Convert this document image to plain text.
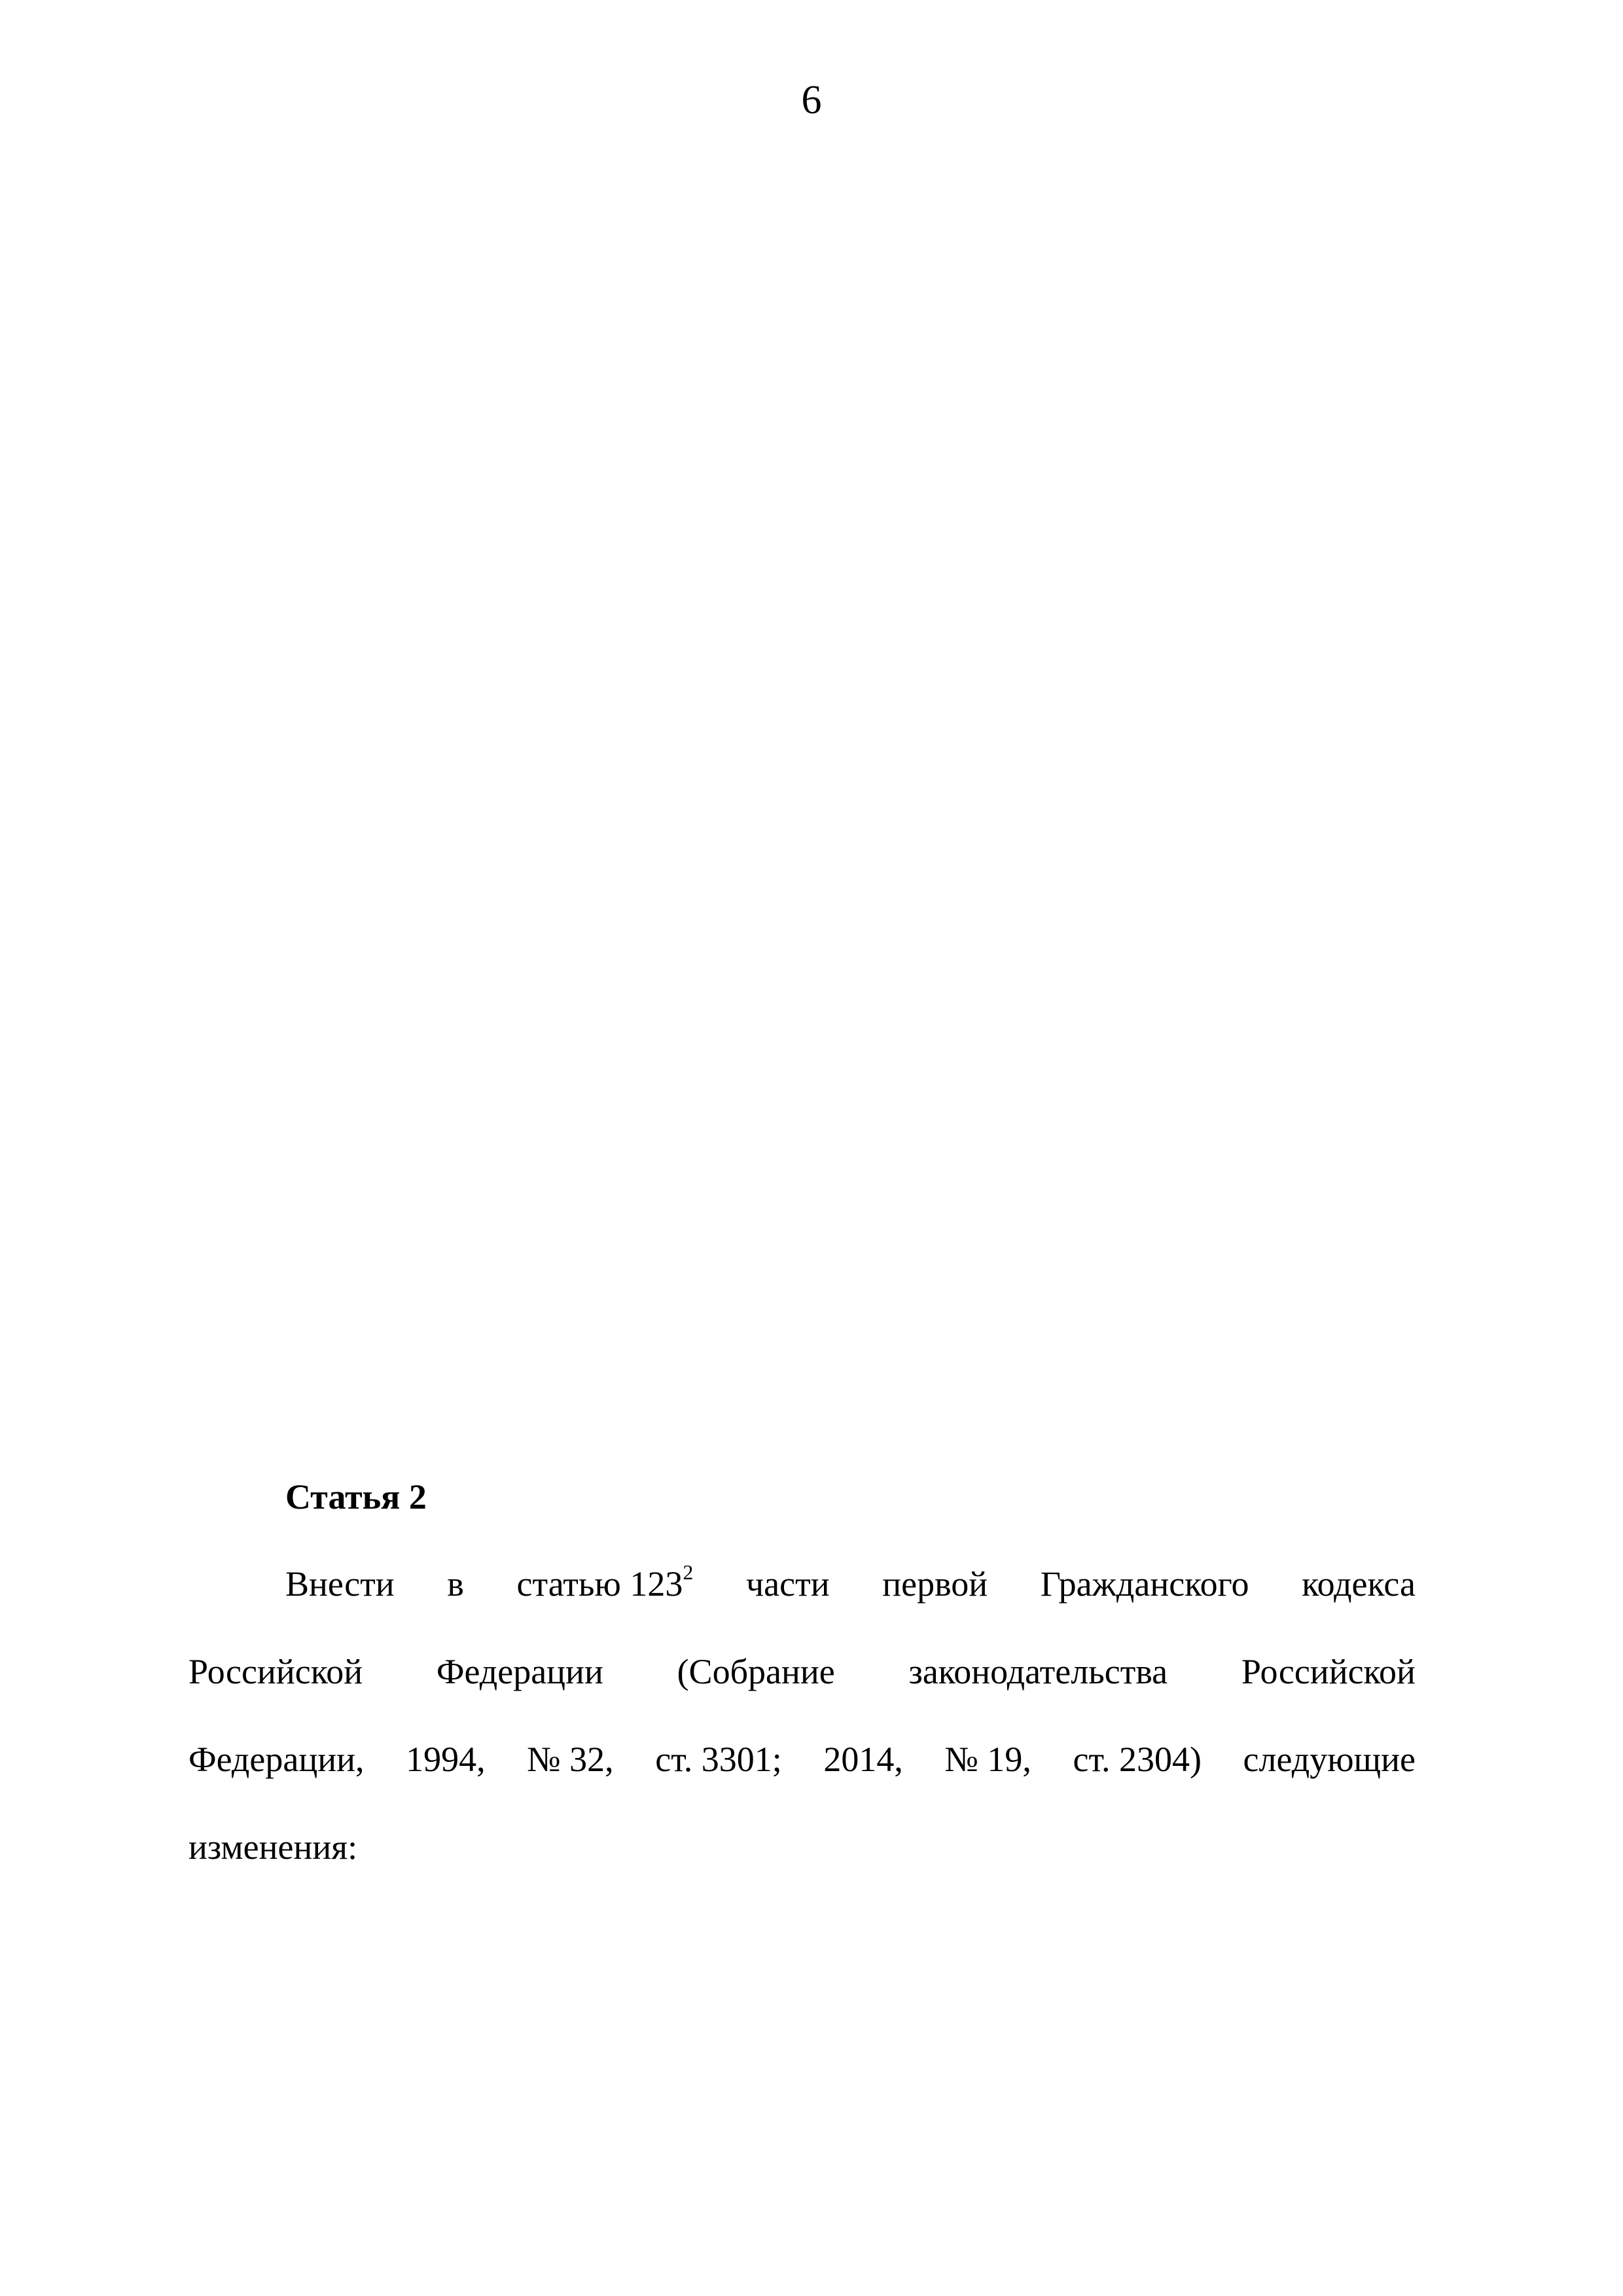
6
Статья 2
Внести в статью $123^2$ части первой Гражданского кодекса
Российской Федерации (Собрание законодательства Российской
Федерации, 1994, № 32, ст. 3301; 2014, № 19, ст. 2304) следующие
изменения:
